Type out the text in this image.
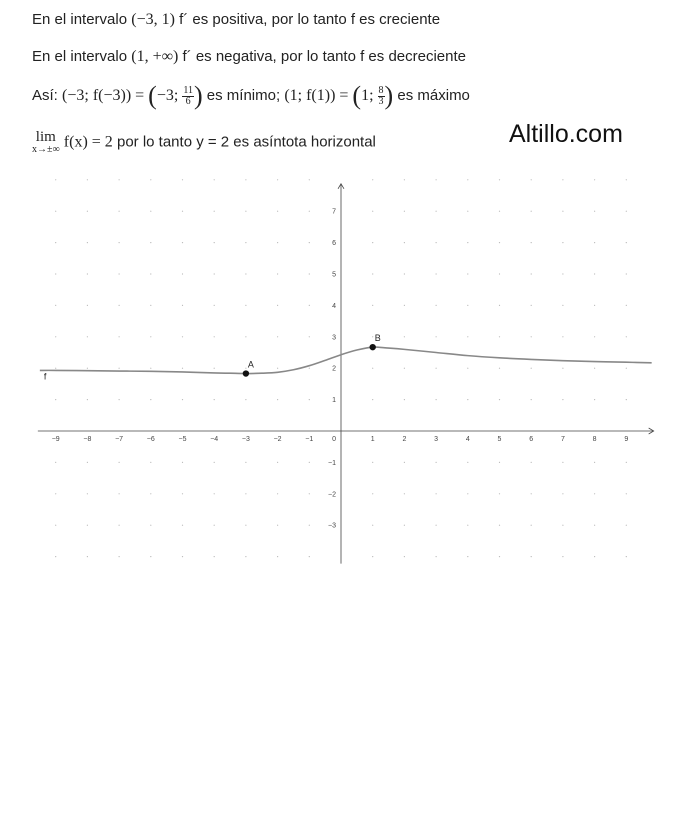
En el intervalo (−3, 1) f´ es positiva, por lo tanto f es creciente
En el intervalo (1, +∞) f´ es negativa, por lo tanto f es decreciente
Así: (−3; f(−3)) = (−3; $\frac{11}{6}$ ) es mínimo; (1; f(1)) = (1; $\frac{8}{3}$ ) es máximo
lim
x→±∞ f(x) = 2 por lo tanto y = 2 es asíntota horizontal	Altillo.com
−9	−8	−7	−6	−5	−4	−3	−2	−1	1	2	3	4	5	6	7	8	9
−3
−2
−1
1
2
3
4
5
6
7
0
f
A
B
